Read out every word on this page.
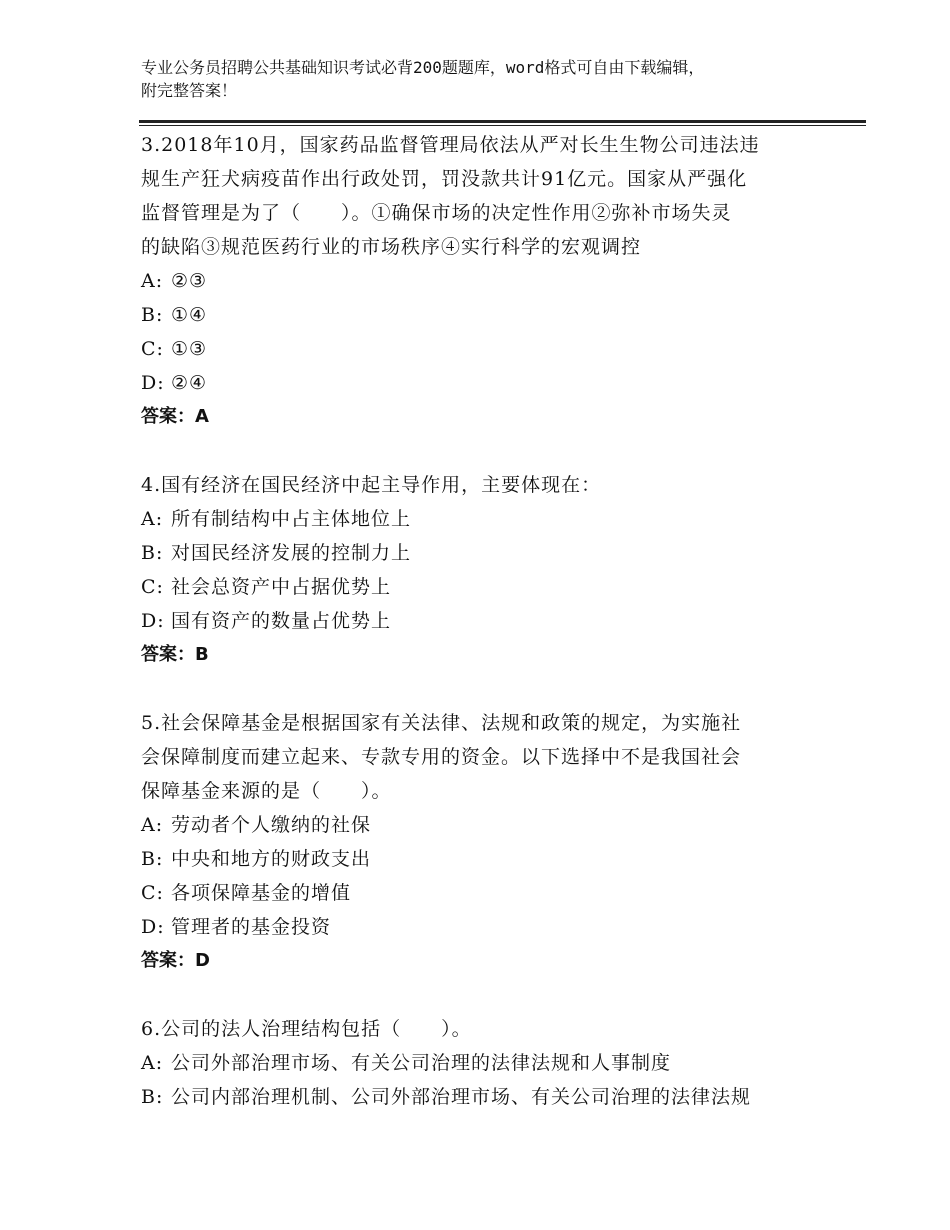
专业公务员招聘公共基础知识考试必背200题题库，word格式可自由下载编辑，
附完整答案！

3.2018年10月，国家药品监督管理局依法从严对长生生物公司违法违

规生产狂犬病疫苗作出行政处罚，罚没款共计91亿元。国家从严强化

监督管理是为了（　　）。①确保市场的决定性作用②弥补市场失灵

的缺陷③规范医药行业的市场秩序④实行科学的宏观调控

A: ②③

B: ①④

C: ①③

D: ②④

答案：A

4.国有经济在国民经济中起主导作用，主要体现在：

A: 所有制结构中占主体地位上

B: 对国民经济发展的控制力上

C: 社会总资产中占据优势上

D: 国有资产的数量占优势上

答案：B

5.社会保障基金是根据国家有关法律、法规和政策的规定，为实施社

会保障制度而建立起来、专款专用的资金。以下选择中不是我国社会

保障基金来源的是（　　）。

A: 劳动者个人缴纳的社保

B: 中央和地方的财政支出

C: 各项保障基金的增值

D: 管理者的基金投资

答案：D

6.公司的法人治理结构包括（　　）。

A: 公司外部治理市场、有关公司治理的法律法规和人事制度

B: 公司内部治理机制、公司外部治理市场、有关公司治理的法律法规
